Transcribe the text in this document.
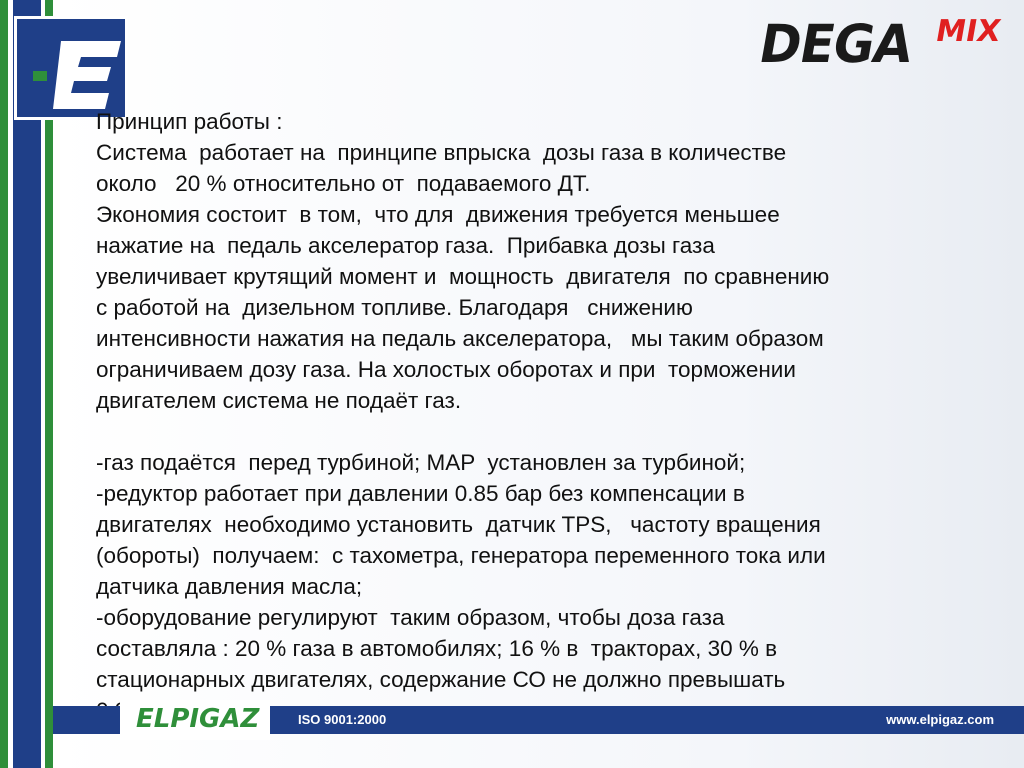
DEGA MIX

Принцип работы :

Система  работает на  принципе впрыска  дозы газа в количестве

около   20 % относительно от  подаваемого ДТ.

Экономия состоит  в том,  что для  движения требуется меньшее

нажатие на  педаль акселератор газа.  Прибавка дозы газа

увеличивает крутящий момент и  мощность  двигателя  по сравнению

с работой на  дизельном топливе. Благодаря   снижению

интенсивности нажатия на педаль акселератора,   мы таким образом

ограничиваем дозу газа. На холостых оборотах и при  торможении

двигателем система не подаёт газ.

-газ подаётся  перед турбиной; MAP  установлен за турбиной;

-редуктор работает при давлении 0.85 бар без компенсации в

двигателях  необходимо установить  датчик TPS,   частоту вращения

(обороты)  получаем:  с тахометра, генератора переменного тока или

датчика давления масла;

-оборудование регулируют  таким образом, чтобы доза газа

составляла : 20 % газа в автомобилях; 16 % в  тракторах, 30 % в

стационарных двигателях, содержание СО не должно превышать

ELPIGAZ	ISO 9001:2000	www.elpigaz.com
